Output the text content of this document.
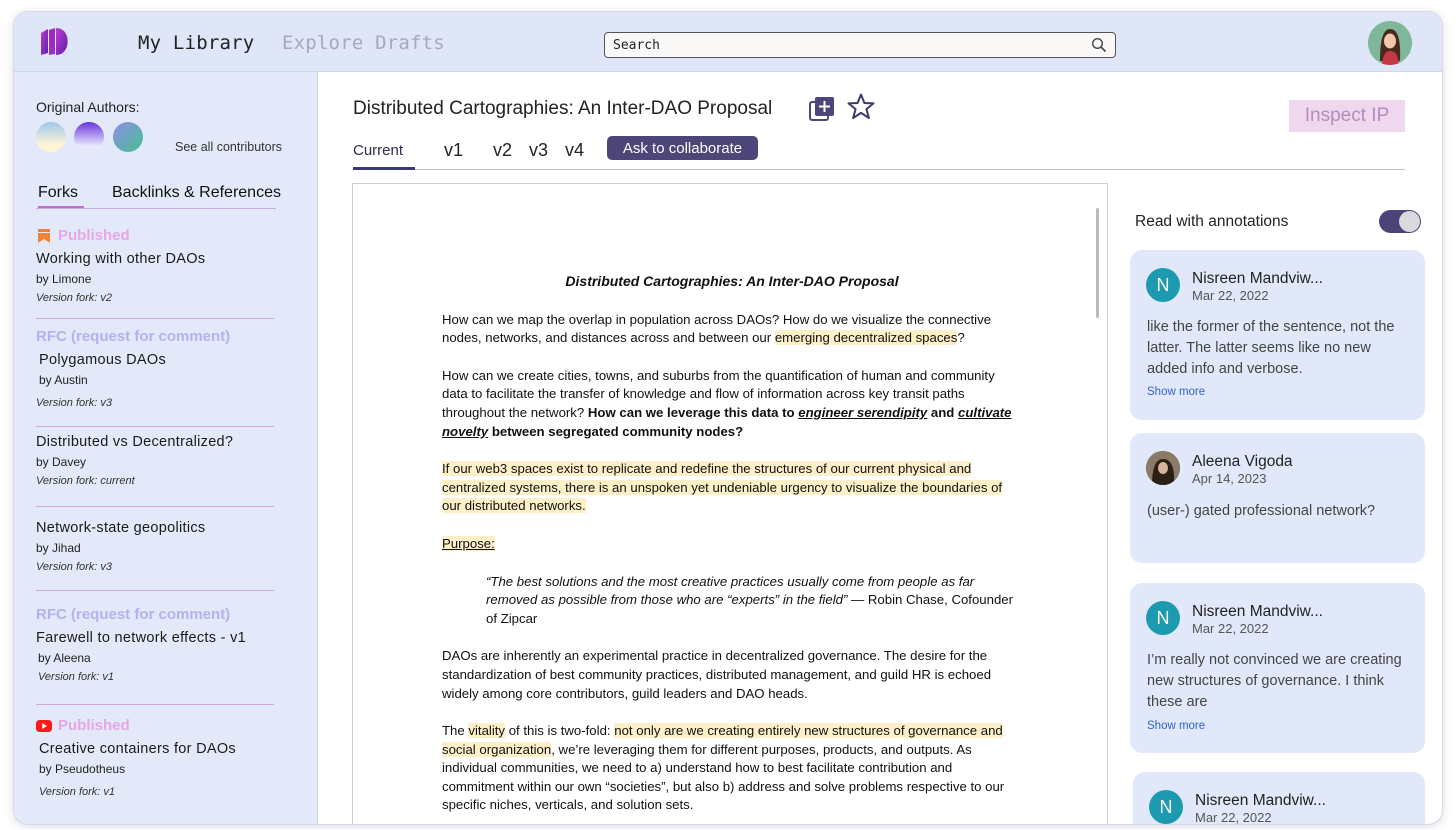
My Library Explore Drafts
Search
Original Authors:
See all contributors
Forks Backlinks & References
Published
Working with other DAOs
by Limone
Version fork: v2
RFC (request for comment)
Polygamous DAOs
by Austin
Version fork: v3
Distributed vs Decentralized?
by Davey
Version fork: current
Network-state geopolitics
by Jihad
Version fork: v3
RFC (request for comment)
Farewell to network effects - v1
by Aleena
Version fork: v1
Published
Creative containers for DAOs
by Pseudotheus
Version fork: v1
Distributed Cartographies: An Inter-DAO Proposal	Inspect IP
Current v1 v2 v3 v4	Ask to collaborate
Distributed Cartographies: An Inter-DAO Proposal
How can we map the overlap in population across DAOs? How do we visualize the connective nodes, networks, and distances across and between our emerging decentralized spaces?
How can we create cities, towns, and suburbs from the quantification of human and community data to facilitate the transfer of knowledge and flow of information across key transit paths throughout the network? How can we leverage this data to engineer serendipity and cultivate novelty between segregated community nodes?
If our web3 spaces exist to replicate and redefine the structures of our current physical and centralized systems, there is an unspoken yet undeniable urgency to visualize the boundaries of our distributed networks.
Purpose:
“The best solutions and the most creative practices usually come from people as far removed as possible from those who are “experts” in the field” — Robin Chase, Cofounder of Zipcar
DAOs are inherently an experimental practice in decentralized governance. The desire for the standardization of best community practices, distributed management, and guild HR is echoed widely among core contributors, guild leaders and DAO heads.
The vitality of this is two-fold: not only are we creating entirely new structures of governance and social organization, we’re leveraging them for different purposes, products, and outputs. As individual communities, we need to a) understand how to best facilitate contribution and commitment within our own “societies”, but also b) address and solve problems respective to our specific niches, verticals, and solution sets.
Read with annotations
N	Nisreen Mandviw...
Mar 22, 2022
like the former of the sentence, not the latter. The latter seems like no new added info and verbose.
Show more
Aleena Vigoda
Apr 14, 2023
(user-) gated professional network?
N	Nisreen Mandviw...
Mar 22, 2022
I’m really not convinced we are creating new structures of governance. I think these are
Show more
N	Nisreen Mandviw...
Mar 22, 2022
